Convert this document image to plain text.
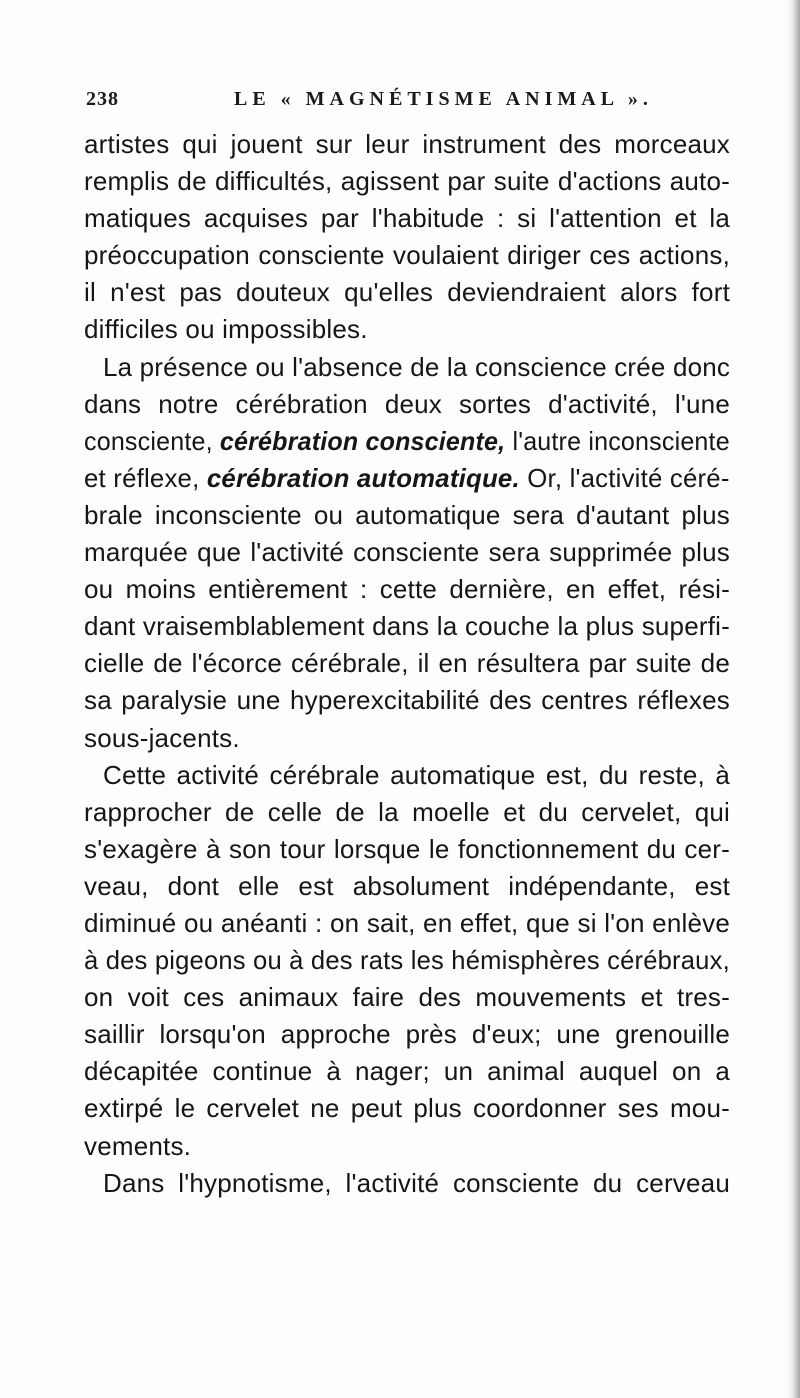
238	LE « MAGNÉTISME ANIMAL ».
artistes qui jouent sur leur instrument des morceaux
remplis de difficultés, agissent par suite d'actions auto-
matiques acquises par l'habitude : si l'attention et la
préoccupation consciente voulaient diriger ces actions,
il n'est pas douteux qu'elles deviendraient alors fort
difficiles ou impossibles.
La présence ou l'absence de la conscience crée donc
dans notre cérébration deux sortes d'activité, l'une
consciente, cérébration consciente, l'autre inconsciente
et réflexe, cérébration automatique. Or, l'activité céré-
brale inconsciente ou automatique sera d'autant plus
marquée que l'activité consciente sera supprimée plus
ou moins entièrement : cette dernière, en effet, rési-
dant vraisemblablement dans la couche la plus superfi-
cielle de l'écorce cérébrale, il en résultera par suite de
sa paralysie une hyperexcitabilité des centres réflexes
sous-jacents.
Cette activité cérébrale automatique est, du reste, à
rapprocher de celle de la moelle et du cervelet, qui
s'exagère à son tour lorsque le fonctionnement du cer-
veau, dont elle est absolument indépendante, est
diminué ou anéanti : on sait, en effet, que si l'on enlève
à des pigeons ou à des rats les hémisphères cérébraux,
on voit ces animaux faire des mouvements et tres-
saillir lorsqu'on approche près d'eux; une grenouille
décapitée continue à nager; un animal auquel on a
extirpé le cervelet ne peut plus coordonner ses mou-
vements.
Dans l'hypnotisme, l'activité consciente du cerveau
